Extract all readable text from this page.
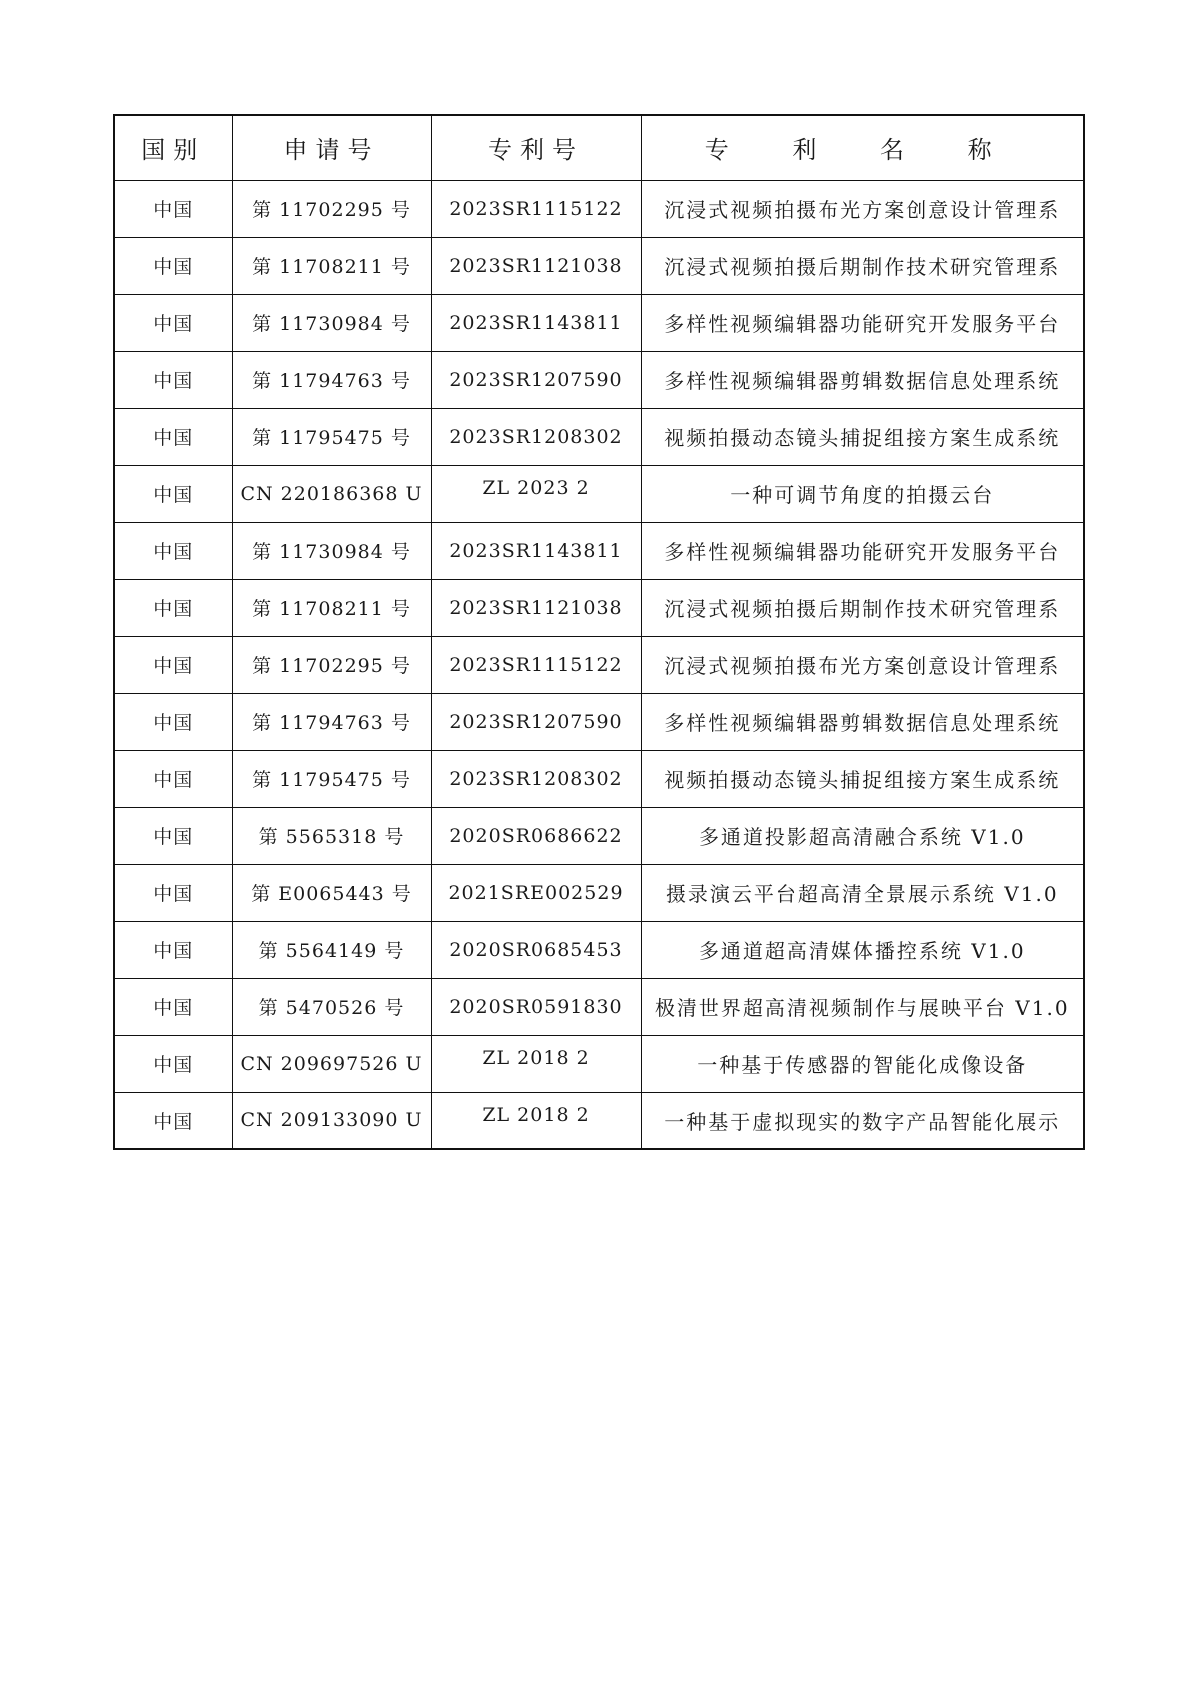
国别	申请号	专利号	专 利 名 称
中国	第 11702295 号	2023SR1115122	沉浸式视频拍摄布光方案创意设计管理系
中国	第 11708211 号	2023SR1121038	沉浸式视频拍摄后期制作技术研究管理系
中国	第 11730984 号	2023SR1143811	多样性视频编辑器功能研究开发服务平台
中国	第 11794763 号	2023SR1207590	多样性视频编辑器剪辑数据信息处理系统
中国	第 11795475 号	2023SR1208302	视频拍摄动态镜头捕捉组接方案生成系统
中国	CN 220186368 U	ZL 2023 2	一种可调节角度的拍摄云台
中国	第 11730984 号	2023SR1143811	多样性视频编辑器功能研究开发服务平台
中国	第 11708211 号	2023SR1121038	沉浸式视频拍摄后期制作技术研究管理系
中国	第 11702295 号	2023SR1115122	沉浸式视频拍摄布光方案创意设计管理系
中国	第 11794763 号	2023SR1207590	多样性视频编辑器剪辑数据信息处理系统
中国	第 11795475 号	2023SR1208302	视频拍摄动态镜头捕捉组接方案生成系统
中国	第 5565318 号	2020SR0686622	多通道投影超高清融合系统 V1.0
中国	第 E0065443 号	2021SRE002529	摄录演云平台超高清全景展示系统 V1.0
中国	第 5564149 号	2020SR0685453	多通道超高清媒体播控系统 V1.0
中国	第 5470526 号	2020SR0591830	极清世界超高清视频制作与展映平台 V1.0
中国	CN 209697526 U	ZL 2018 2	一种基于传感器的智能化成像设备
中国	CN 209133090 U	ZL 2018 2	一种基于虚拟现实的数字产品智能化展示
